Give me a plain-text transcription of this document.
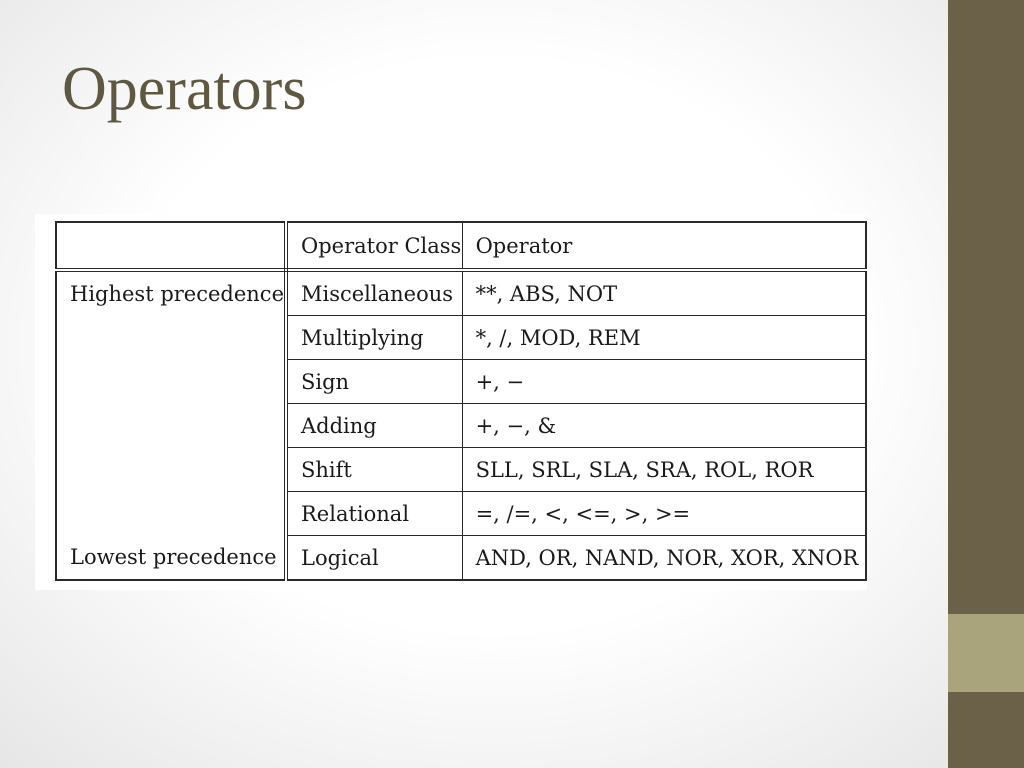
Operators
	Operator Class	Operator
Highest precedence	Miscellaneous	**, ABS, NOT
	Multiplying	*, /, MOD, REM
	Sign	+, −
	Adding	+, −, &
	Shift	SLL, SRL, SLA, SRA, ROL, ROR
	Relational	=, /=, <, <=, >, >=
Lowest precedence	Logical	AND, OR, NAND, NOR, XOR, XNOR
